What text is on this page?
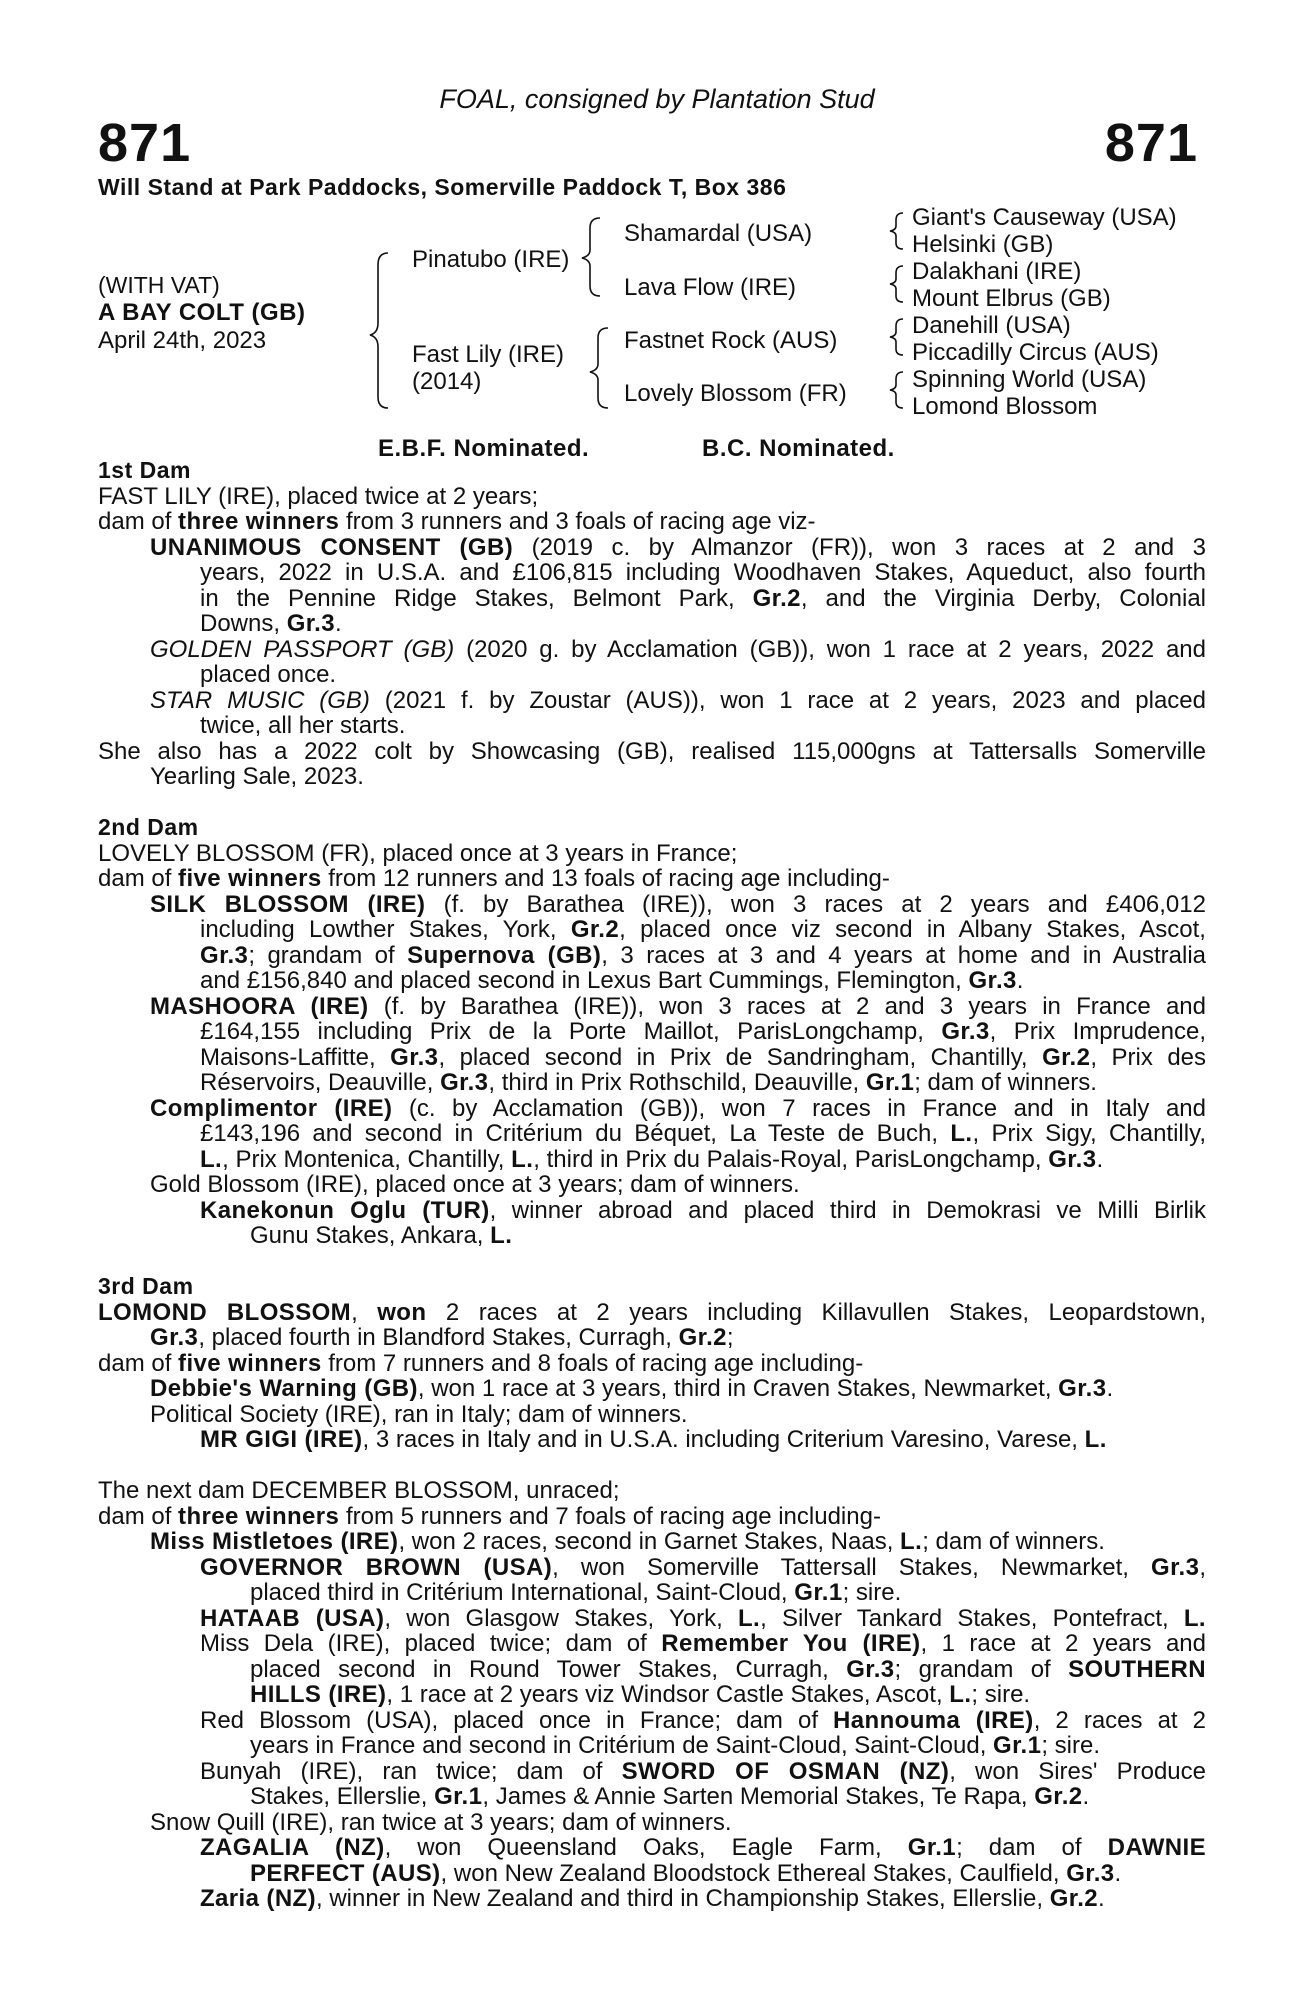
FOAL, consigned by Plantation Stud
871	871
Will Stand at Park Paddocks, Somerville Paddock T, Box 386
(WITH VAT)
A BAY COLT (GB)
April 24th, 2023
Pinatubo (IRE)
Fast Lily (IRE)
(2014)
Shamardal (USA)
Lava Flow (IRE)
Fastnet Rock (AUS)
Lovely Blossom (FR)
Giant's Causeway (USA)
Helsinki (GB)
Dalakhani (IRE)
Mount Elbrus (GB)
Danehill (USA)
Piccadilly Circus (AUS)
Spinning World (USA)
Lomond Blossom
E.B.F. Nominated.	B.C. Nominated.
1st Dam
FAST LILY (IRE), placed twice at 2 years;
dam of three winners from 3 runners and 3 foals of racing age viz-
UNANIMOUS CONSENT (GB) (2019 c. by Almanzor (FR)), won 3 races at 2 and 3
years, 2022 in U.S.A. and £106,815 including Woodhaven Stakes, Aqueduct, also fourth
in the Pennine Ridge Stakes, Belmont Park, Gr.2, and the Virginia Derby, Colonial
Downs, Gr.3.
GOLDEN PASSPORT (GB) (2020 g. by Acclamation (GB)), won 1 race at 2 years, 2022 and
placed once.
STAR MUSIC (GB) (2021 f. by Zoustar (AUS)), won 1 race at 2 years, 2023 and placed
twice, all her starts.
She also has a 2022 colt by Showcasing (GB), realised 115,000gns at Tattersalls Somerville
Yearling Sale, 2023.
2nd Dam
LOVELY BLOSSOM (FR), placed once at 3 years in France;
dam of five winners from 12 runners and 13 foals of racing age including-
SILK BLOSSOM (IRE) (f. by Barathea (IRE)), won 3 races at 2 years and £406,012
including Lowther Stakes, York, Gr.2, placed once viz second in Albany Stakes, Ascot,
Gr.3; grandam of Supernova (GB), 3 races at 3 and 4 years at home and in Australia
and £156,840 and placed second in Lexus Bart Cummings, Flemington, Gr.3.
MASHOORA (IRE) (f. by Barathea (IRE)), won 3 races at 2 and 3 years in France and
£164,155 including Prix de la Porte Maillot, ParisLongchamp, Gr.3, Prix Imprudence,
Maisons-Laffitte, Gr.3, placed second in Prix de Sandringham, Chantilly, Gr.2, Prix des
Réservoirs, Deauville, Gr.3, third in Prix Rothschild, Deauville, Gr.1; dam of winners.
Complimentor (IRE) (c. by Acclamation (GB)), won 7 races in France and in Italy and
£143,196 and second in Critérium du Béquet, La Teste de Buch, L., Prix Sigy, Chantilly,
L., Prix Montenica, Chantilly, L., third in Prix du Palais-Royal, ParisLongchamp, Gr.3.
Gold Blossom (IRE), placed once at 3 years; dam of winners.
Kanekonun Oglu (TUR), winner abroad and placed third in Demokrasi ve Milli Birlik
Gunu Stakes, Ankara, L.
3rd Dam
LOMOND BLOSSOM, won 2 races at 2 years including Killavullen Stakes, Leopardstown,
Gr.3, placed fourth in Blandford Stakes, Curragh, Gr.2;
dam of five winners from 7 runners and 8 foals of racing age including-
Debbie's Warning (GB), won 1 race at 3 years, third in Craven Stakes, Newmarket, Gr.3.
Political Society (IRE), ran in Italy; dam of winners.
MR GIGI (IRE), 3 races in Italy and in U.S.A. including Criterium Varesino, Varese, L.
The next dam DECEMBER BLOSSOM, unraced;
dam of three winners from 5 runners and 7 foals of racing age including-
Miss Mistletoes (IRE), won 2 races, second in Garnet Stakes, Naas, L.; dam of winners.
GOVERNOR BROWN (USA), won Somerville Tattersall Stakes, Newmarket, Gr.3,
placed third in Critérium International, Saint-Cloud, Gr.1; sire.
HATAAB (USA), won Glasgow Stakes, York, L., Silver Tankard Stakes, Pontefract, L.
Miss Dela (IRE), placed twice; dam of Remember You (IRE), 1 race at 2 years and
placed second in Round Tower Stakes, Curragh, Gr.3; grandam of SOUTHERN
HILLS (IRE), 1 race at 2 years viz Windsor Castle Stakes, Ascot, L.; sire.
Red Blossom (USA), placed once in France; dam of Hannouma (IRE), 2 races at 2
years in France and second in Critérium de Saint-Cloud, Saint-Cloud, Gr.1; sire.
Bunyah (IRE), ran twice; dam of SWORD OF OSMAN (NZ), won Sires' Produce
Stakes, Ellerslie, Gr.1, James & Annie Sarten Memorial Stakes, Te Rapa, Gr.2.
Snow Quill (IRE), ran twice at 3 years; dam of winners.
ZAGALIA (NZ), won Queensland Oaks, Eagle Farm, Gr.1; dam of DAWNIE
PERFECT (AUS), won New Zealand Bloodstock Ethereal Stakes, Caulfield, Gr.3.
Zaria (NZ), winner in New Zealand and third in Championship Stakes, Ellerslie, Gr.2.
